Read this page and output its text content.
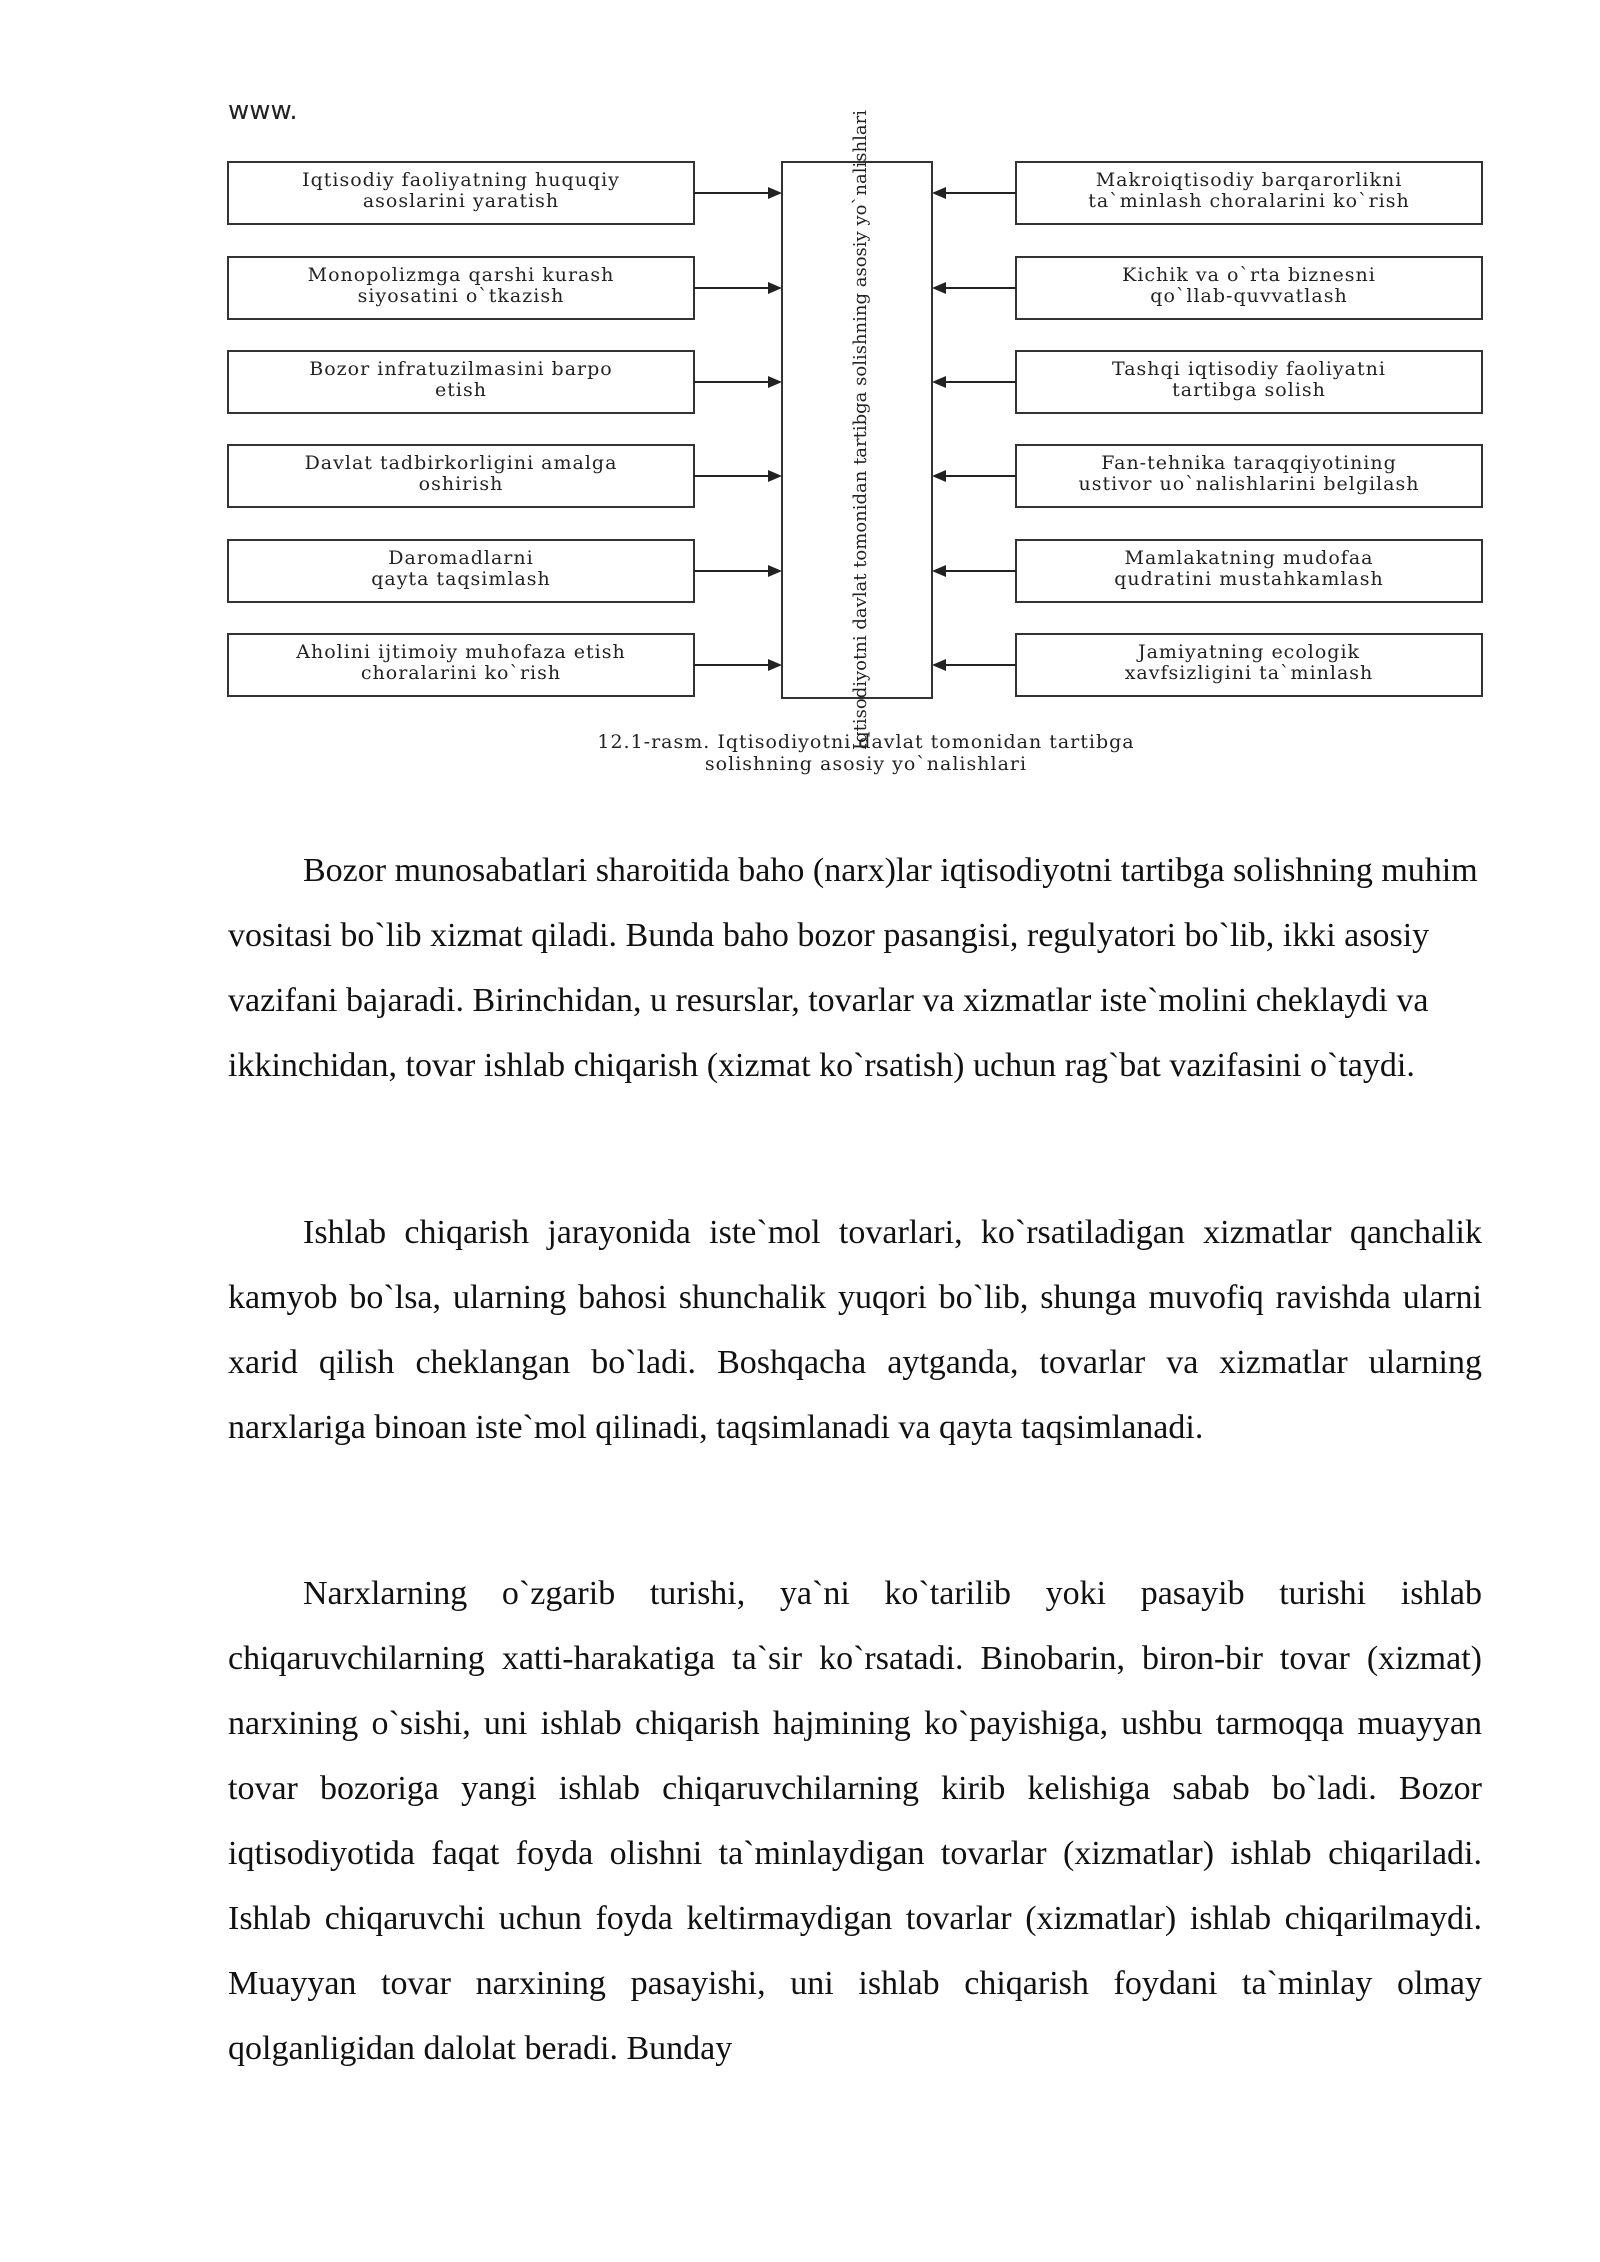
www.	Iqtisodiyotni davlat tomonidan tartibga solishning asosiy yo`nalishlari
Iqtisodiy faoliyatning huquqiy
asoslarini yaratish
Monopolizmga qarshi kurash
siyosatini o`tkazish
Bozor infratuzilmasini barpo
etish
Davlat tadbirkorligini amalga
oshirish
Daromadlarni
qayta taqsimlash
Aholini ijtimoiy muhofaza etish
choralarini ko`rish
Makroiqtisodiy barqarorlikni
ta`minlash choralarini ko`rish
Kichik va o`rta biznesni
qo`llab-quvvatlash
Tashqi iqtisodiy faoliyatni
tartibga solish
Fan-tehnika taraqqiyotining
ustivor uo`nalishlarini belgilash
Mamlakatning mudofaa
qudratini mustahkamlash
Jamiyatning ecologik
xavfsizligini ta`minlash
12.1-rasm. Iqtisodiyotni davlat tomonidan tartibga
solishning asosiy yo`nalishlari

Bozor munosabatlari sharoitida baho (narx)lar iqtisodiyotni tartibga solishning muhim vositasi bo`lib xizmat qiladi. Bunda baho bozor pasangisi, regulyatori bo`lib, ikki asosiy vazifani bajaradi. Birinchidan, u resurslar, tovarlar va xizmatlar iste`molini cheklaydi va ikkinchidan, tovar ishlab chiqarish (xizmat ko`rsatish) uchun rag`bat vazifasini o`taydi.

Ishlab chiqarish jarayonida iste`mol tovarlari, ko`rsatiladigan xizmatlar qanchalik kamyob bo`lsa, ularning bahosi shunchalik yuqori bo`lib, shunga muvofiq ravishda ularni xarid qilish cheklangan bo`ladi. Boshqacha aytganda, tovarlar va xizmatlar ularning narxlariga binoan iste`mol qilinadi, taqsimlanadi va qayta taqsimlanadi.

Narxlarning o`zgarib turishi, ya`ni ko`tarilib yoki pasayib turishi ishlab chiqaruvchilarning xatti-harakatiga ta`sir ko`rsatadi. Binobarin, biron-bir tovar (xizmat) narxining o`sishi, uni ishlab chiqarish hajmining ko`payishiga, ushbu tarmoqqa muayyan tovar bozoriga yangi ishlab chiqaruvchilarning kirib kelishiga sabab bo`ladi. Bozor iqtisodiyotida faqat foyda olishni ta`minlaydigan tovarlar (xizmatlar) ishlab chiqariladi. Ishlab chiqaruvchi uchun foyda keltirmaydigan tovarlar (xizmatlar) ishlab chiqarilmaydi. Muayyan tovar narxining pasayishi, uni ishlab chiqarish foydani ta`minlay olmay qolganligidan dalolat beradi. Bunday
